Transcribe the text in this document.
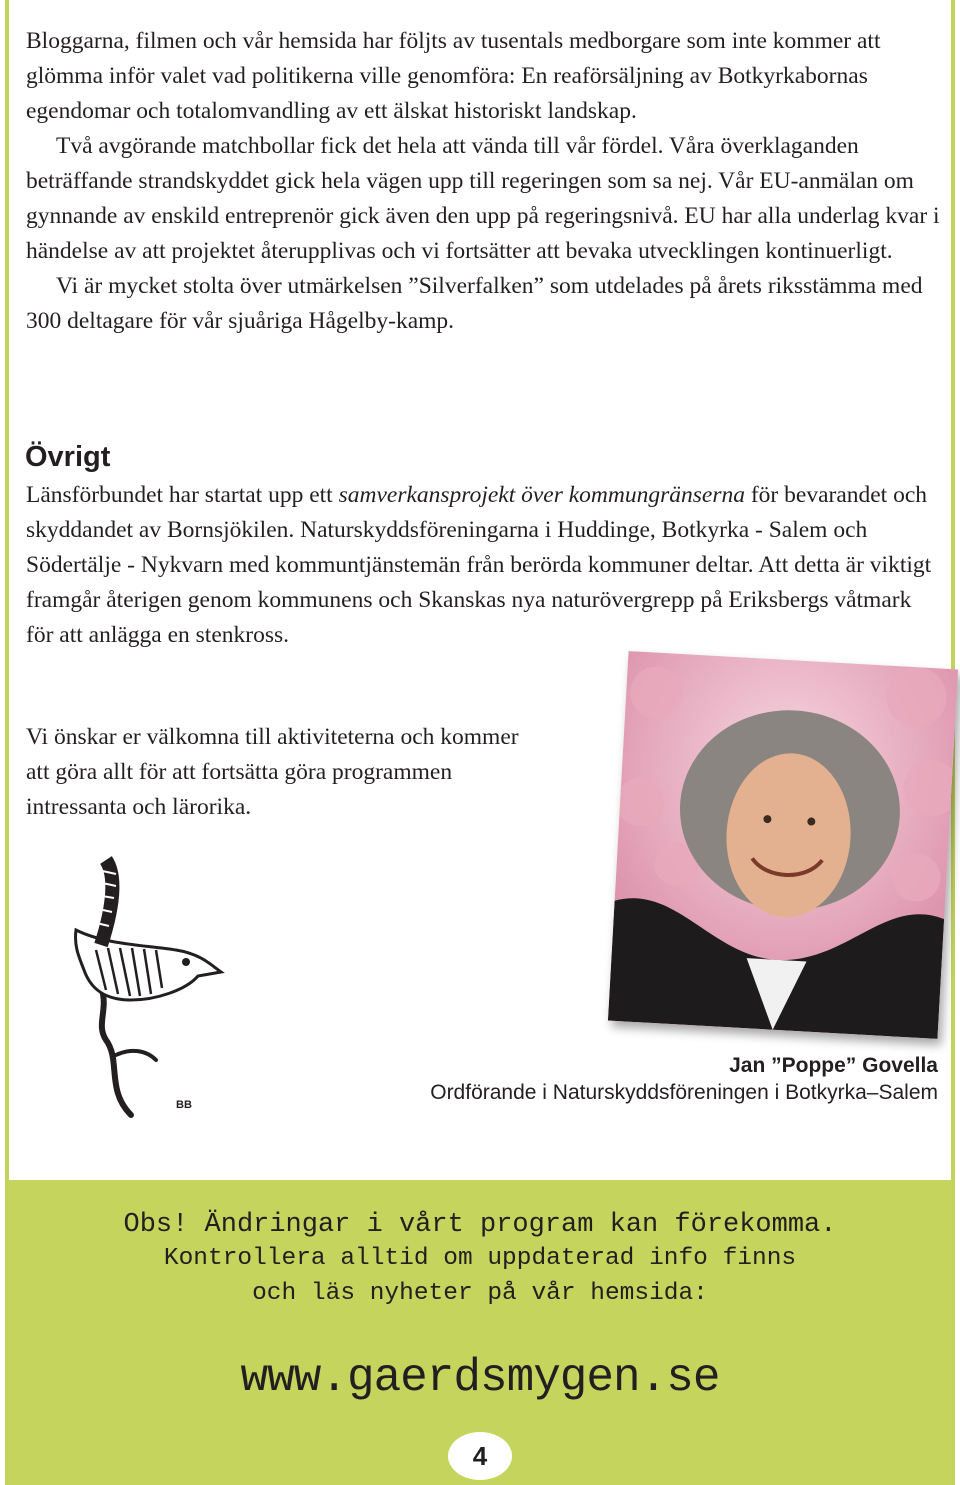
Bloggarna, filmen och vår hemsida har följts av tusentals medborgare som inte kommer att glömma inför valet vad politikerna ville genomföra: En reaförsäljning av Botkyrkabornas egendomar och totalomvandling av ett älskat historiskt landskap.

Två avgörande matchbollar fick det hela att vända till vår fördel. Våra överklaganden beträffande strandskyddet gick hela vägen upp till regeringen som sa nej. Vår EU-anmälan om gynnande av enskild entreprenör gick även den upp på regeringsnivå. EU har alla underlag kvar i händelse av att projektet återupplivas och vi fortsätter att bevaka utvecklingen kontinuerligt.

Vi är mycket stolta över utmärkelsen ”Silverfalken” som utdelades på årets riksstämma med 300 deltagare för vår sjuåriga Hågelby-kamp.

Övrigt

Länsförbundet har startat upp ett samverkansprojekt över kommungränserna för bevarandet och skyddandet av Bornsjökilen. Naturskyddsföreningarna i Huddinge, Botkyrka - Salem och Södertälje - Nykvarn med kommuntjänstemän från berörda kommuner deltar. Att detta är viktigt framgår återigen genom kommunens och Skanskas nya naturövergrepp på Eriksbergs våtmark för att anlägga en stenkross.

Vi önskar er välkomna till aktiviteterna och kommer att göra allt för att fortsätta göra programmen intressanta och lärorika.

BB

Jan ”Poppe” Govella

Ordförande i Naturskyddsföreningen i Botkyrka–Salem

Obs! Ändringar i vårt program kan förekomma.

Kontrollera alltid om uppdaterad info finns

och läs nyheter på vår hemsida:

www.gaerdsmygen.se

4
